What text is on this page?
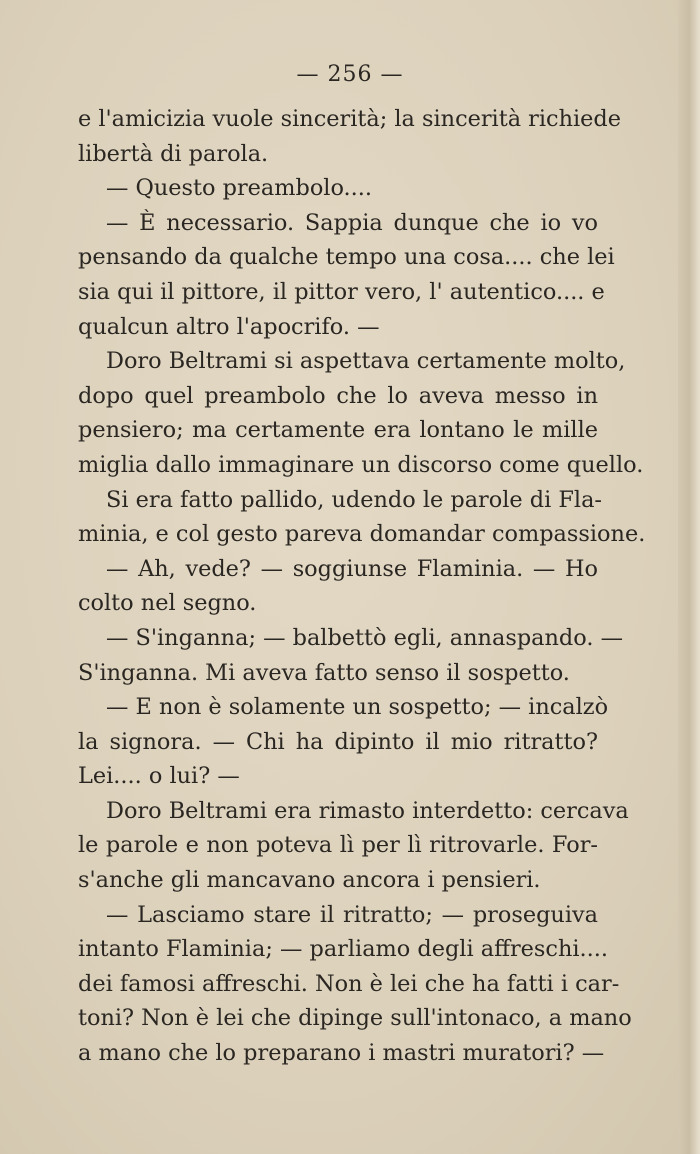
— 256 —
e l'amicizia vuole sincerità; la sincerità richiede
libertà di parola.
— Questo preambolo....
— È necessario. Sappia dunque che io vo
pensando da qualche tempo una cosa.... che lei
sia qui il pittore, il pittor vero, l' autentico.... e
qualcun altro l'apocrifo. —
Doro Beltrami si aspettava certamente molto,
dopo quel preambolo che lo aveva messo in
pensiero; ma certamente era lontano le mille
miglia dallo immaginare un discorso come quello.
Si era fatto pallido, udendo le parole di Fla-
minia, e col gesto pareva domandar compassione.
— Ah, vede? — soggiunse Flaminia. — Ho
colto nel segno.
— S'inganna; — balbettò egli, annaspando. —
S'inganna. Mi aveva fatto senso il sospetto.
— E non è solamente un sospetto; — incalzò
la signora. — Chi ha dipinto il mio ritratto?
Lei.... o lui? —
Doro Beltrami era rimasto interdetto: cercava
le parole e non poteva lì per lì ritrovarle. For-
s'anche gli mancavano ancora i pensieri.
— Lasciamo stare il ritratto; — proseguiva
intanto Flaminia; — parliamo degli affreschi....
dei famosi affreschi. Non è lei che ha fatti i car-
toni? Non è lei che dipinge sull'intonaco, a mano
a mano che lo preparano i mastri muratori? —
